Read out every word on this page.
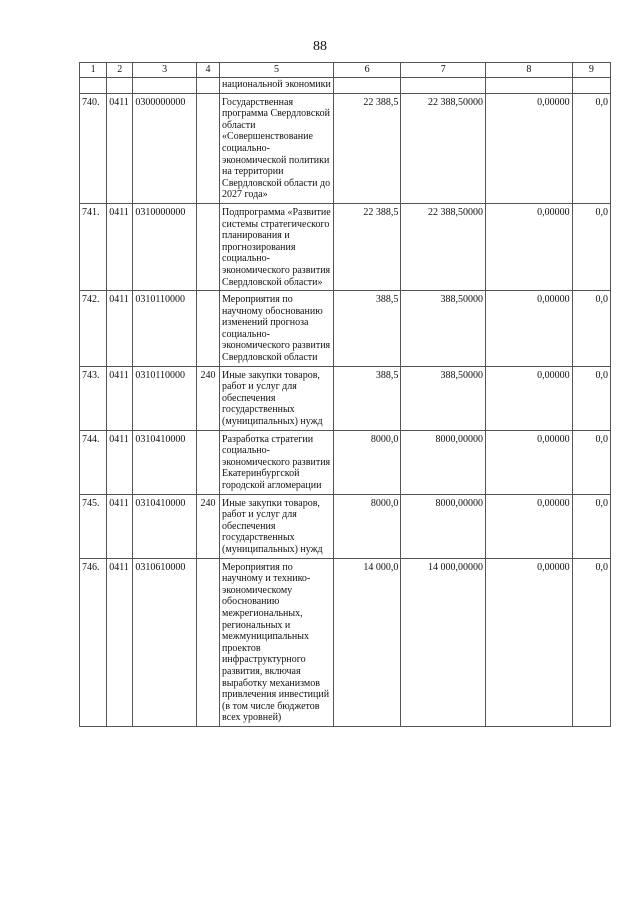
88
1	2	3	4	5	6	7	8	9
				национальной экономики				
740.	0411	0300000000		Государственная программа Свердловской области «Совершенствование социально-экономической политики на территории Свердловской области до 2027 года»	22 388,5	22 388,50000	0,00000	0,0
741.	0411	0310000000		Подпрограмма «Развитие системы стратегического планирования и прогнозирования социально-экономического развития Свердловской области»	22 388,5	22 388,50000	0,00000	0,0
742.	0411	0310110000		Мероприятия по научному обоснованию изменений прогноза социально-экономического развития Свердловской области	388,5	388,50000	0,00000	0,0
743.	0411	0310110000	240	Иные закупки товаров, работ и услуг для обеспечения государственных (муниципальных) нужд	388,5	388,50000	0,00000	0,0
744.	0411	0310410000		Разработка стратегии социально-экономического развития Екатеринбургской городской агломерации	8000,0	8000,00000	0,00000	0,0
745.	0411	0310410000	240	Иные закупки товаров, работ и услуг для обеспечения государственных (муниципальных) нужд	8000,0	8000,00000	0,00000	0,0
746.	0411	0310610000		Мероприятия по научному и технико-экономическому обоснованию межрегиональных, региональных и межмуниципальных проектов инфраструктурного развития, включая выработку механизмов привлечения инвестиций (в том числе бюджетов всех уровней)	14 000,0	14 000,00000	0,00000	0,0
